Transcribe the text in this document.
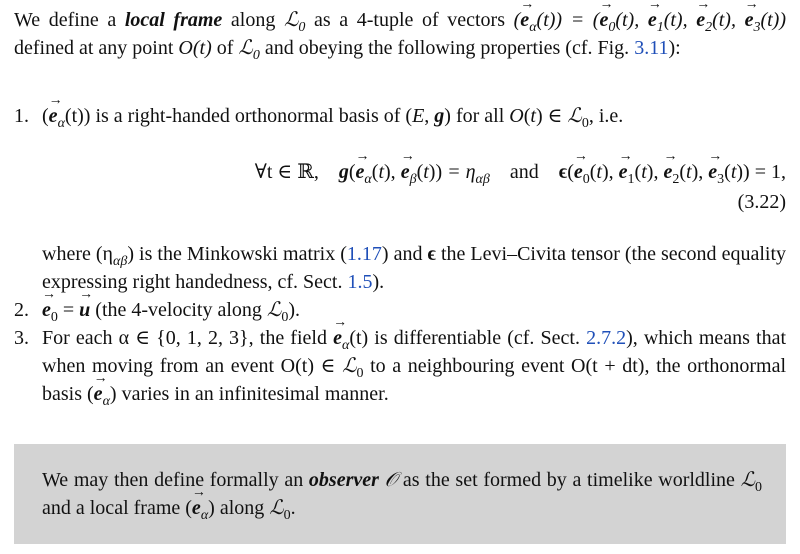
We define a local frame along ℒ$_0$ as a 4-tuple of vectors (→ $e_\alpha(t)$) = (→ $e_0(t)$, → $e_1(t)$, → $e_2(t)$, → $e_3(t)$) defined at any point O(t) of ℒ$_0$ and obeying the following properties (cf. Fig. 3.11):
1. (→ $e_\alpha(t)$) is a right-handed orthonormal basis of (E, g) for all O(t) ∈ ℒ$_0$, i.e.
∀t ∈ ℝ, $g(\to e_\alpha(t)$, → $e_\beta(t)) = \eta_{\alpha\beta}$ and $\epsilon(\to e_0(t)$, → $e_1(t)$, → $e_2(t)$, → $e_3(t)) = 1$,
(3.22)
where $(\eta_{\alpha\beta})$ is the Minkowski matrix (1.17) and ϵ the Levi–Civita tensor (the second equality expressing right handedness, cf. Sect. 1.5).
2. → $e_0$ = → u (the 4-velocity along ℒ$_0$).
3. For each α ∈ {0, 1, 2, 3}, the field → $e_\alpha(t)$ is differentiable (cf. Sect. 2.7.2), which means that when moving from an event O(t) ∈ ℒ$_0$ to a neighbouring event O(t + dt), the orthonormal basis (→ $e_\alpha$) varies in an infinitesimal manner.
We may then define formally an observer 𝒪 as the set formed by a timelike worldline ℒ$_0$ and a local frame (→ $e_\alpha$) along ℒ$_0$.
